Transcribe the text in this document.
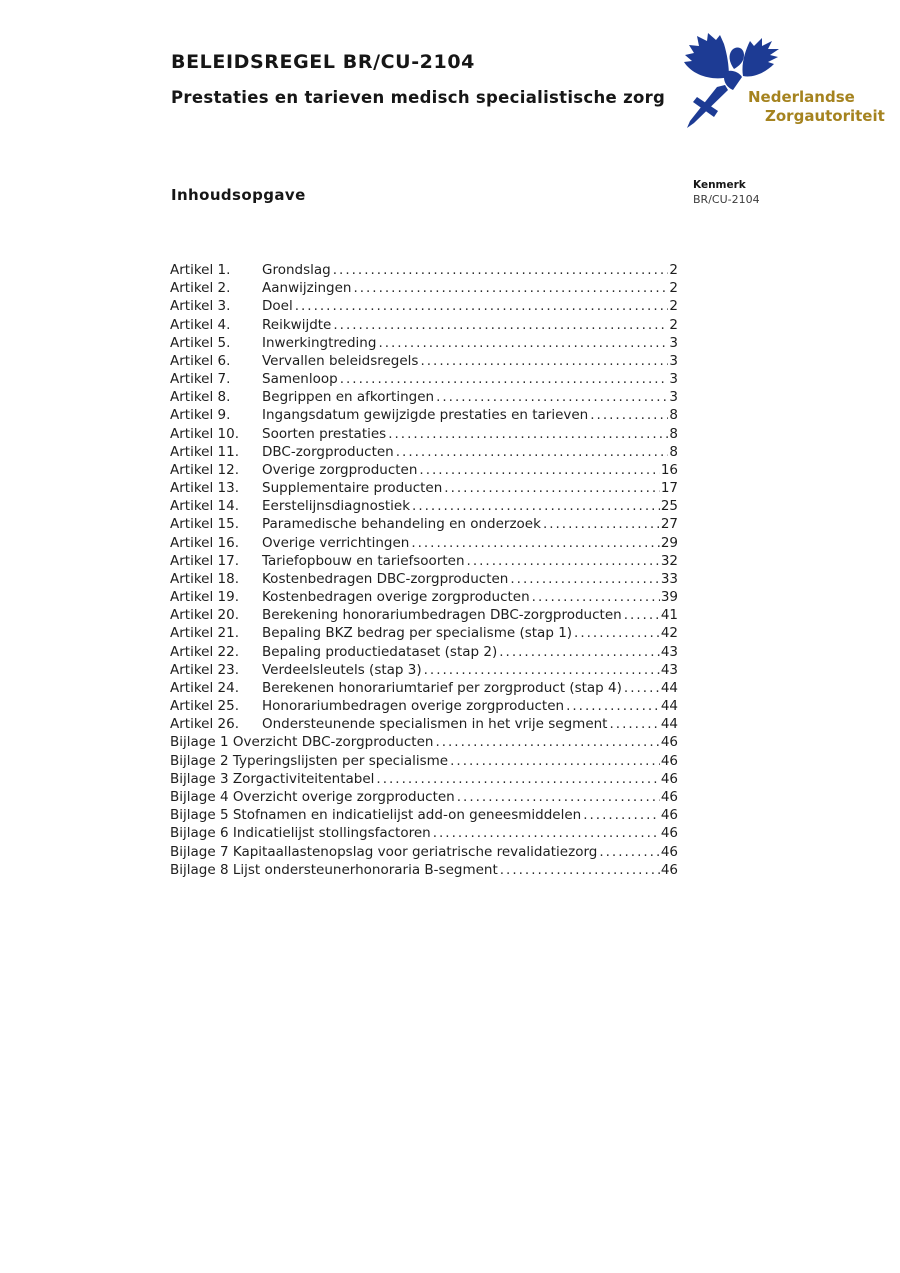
BELEIDSREGEL BR/CU-2104
Prestaties en tarieven medisch specialistische zorg	Nederlandse
Zorgautoriteit
Inhoudsopgave
Kenmerk
BR/CU-2104
Artikel 1.	Grondslag .....	2
Artikel 2.	Aanwijzingen .....	2
Artikel 3.	Doel .....	2
Artikel 4.	Reikwijdte .....	2
Artikel 5.	Inwerkingtreding .....	3
Artikel 6.	Vervallen beleidsregels .....	3
Artikel 7.	Samenloop .....	3
Artikel 8.	Begrippen en afkortingen .....	3
Artikel 9.	Ingangsdatum gewijzigde prestaties en tarieven .....	8
Artikel 10.	Soorten prestaties .....	8
Artikel 11.	DBC-zorgproducten .....	8
Artikel 12.	Overige zorgproducten .....	16
Artikel 13.	Supplementaire producten .....	17
Artikel 14.	Eerstelijnsdiagnostiek .....	25
Artikel 15.	Paramedische behandeling en onderzoek .....	27
Artikel 16.	Overige verrichtingen .....	29
Artikel 17.	Tariefopbouw en tariefsoorten .....	32
Artikel 18.	Kostenbedragen DBC-zorgproducten .....	33
Artikel 19.	Kostenbedragen overige zorgproducten .....	39
Artikel 20.	Berekening honorariumbedragen DBC-zorgproducten .....	41
Artikel 21.	Bepaling BKZ bedrag per specialisme (stap 1) .....	42
Artikel 22.	Bepaling productiedataset (stap 2) .....	43
Artikel 23.	Verdeelsleutels (stap 3) .....	43
Artikel 24.	Berekenen honorariumtarief per zorgproduct (stap 4) .....	44
Artikel 25.	Honorariumbedragen overige zorgproducten .....	44
Artikel 26.	Ondersteunende specialismen in het vrije segment .....	44
Bijlage 1 Overzicht DBC-zorgproducten .....	46
Bijlage 2 Typeringslijsten per specialisme .....	46
Bijlage 3 Zorgactiviteitentabel .....	46
Bijlage 4 Overzicht overige zorgproducten .....	46
Bijlage 5 Stofnamen en indicatielijst add-on geneesmiddelen .....	46
Bijlage 6 Indicatielijst stollingsfactoren .....	46
Bijlage 7 Kapitaallastenopslag voor geriatrische revalidatiezorg .....	46
Bijlage 8 Lijst ondersteunerhonoraria B-segment .....	46
